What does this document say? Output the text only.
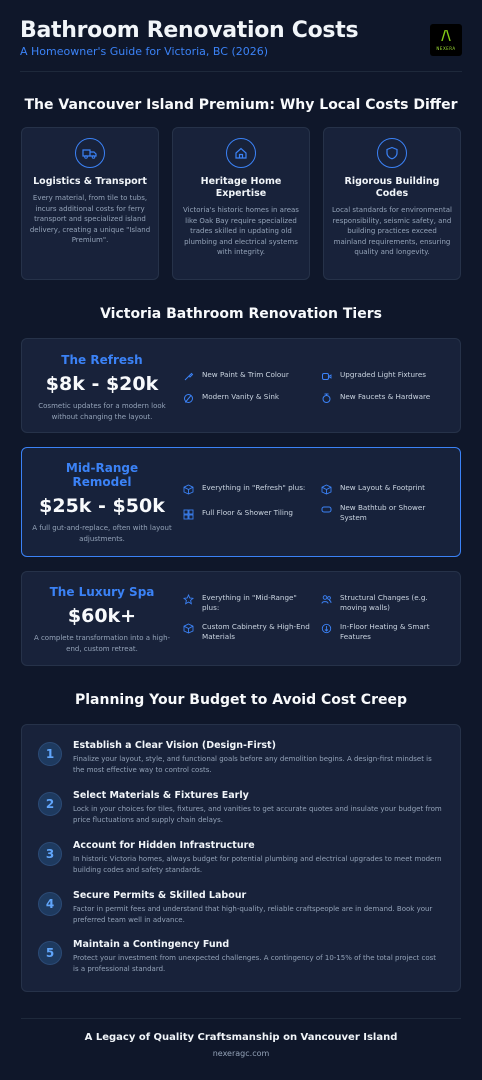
Bathroom Renovation Costs
A Homeowner's Guide for Victoria, BC (2026)
/\
NEXERA
The Vancouver Island Premium: Why Local Costs Differ
Logistics & Transport

Every material, from tile to tubs, incurs additional costs for ferry transport and specialized island delivery, creating a unique "Island Premium".

Heritage Home Expertise

Victoria's historic homes in areas like Oak Bay require specialized trades skilled in updating old plumbing and electrical systems with integrity.

Rigorous Building Codes

Local standards for environmental responsibility, seismic safety, and building practices exceed mainland requirements, ensuring quality and longevity.

Victoria Bathroom Renovation Tiers
The Refresh
$8k - $20k
Cosmetic updates for a modern look without changing the layout.
New Paint & Trim Colour	Upgraded Light Fixtures
Modern Vanity & Sink	New Faucets & Hardware
Mid-Range Remodel
$25k - $50k
A full gut-and-replace, often with layout adjustments.
Everything in "Refresh" plus:	New Layout & Footprint
Full Floor & Shower Tiling
New Bathtub or Shower System
The Luxury Spa
$60k+
A complete transformation into a high-end, custom retreat.
Everything in "Mid-Range" plus:
Structural Changes (e.g. moving walls)
Custom Cabinetry & High-End Materials
In-Floor Heating & Smart Features
Planning Your Budget to Avoid Cost Creep
1
Establish a Clear Vision (Design-First)
Finalize your layout, style, and functional goals before any demolition begins. A design-first mindset is the most effective way to control costs.
2
Select Materials & Fixtures Early
Lock in your choices for tiles, fixtures, and vanities to get accurate quotes and insulate your budget from price fluctuations and supply chain delays.
3
Account for Hidden Infrastructure
In historic Victoria homes, always budget for potential plumbing and electrical upgrades to meet modern building codes and safety standards.
4
Secure Permits & Skilled Labour
Factor in permit fees and understand that high-quality, reliable craftspeople are in demand. Book your preferred team well in advance.
5
Maintain a Contingency Fund
Protect your investment from unexpected challenges. A contingency of 10-15% of the total project cost is a professional standard.
A Legacy of Quality Craftsmanship on Vancouver Island
nexeragc.com
